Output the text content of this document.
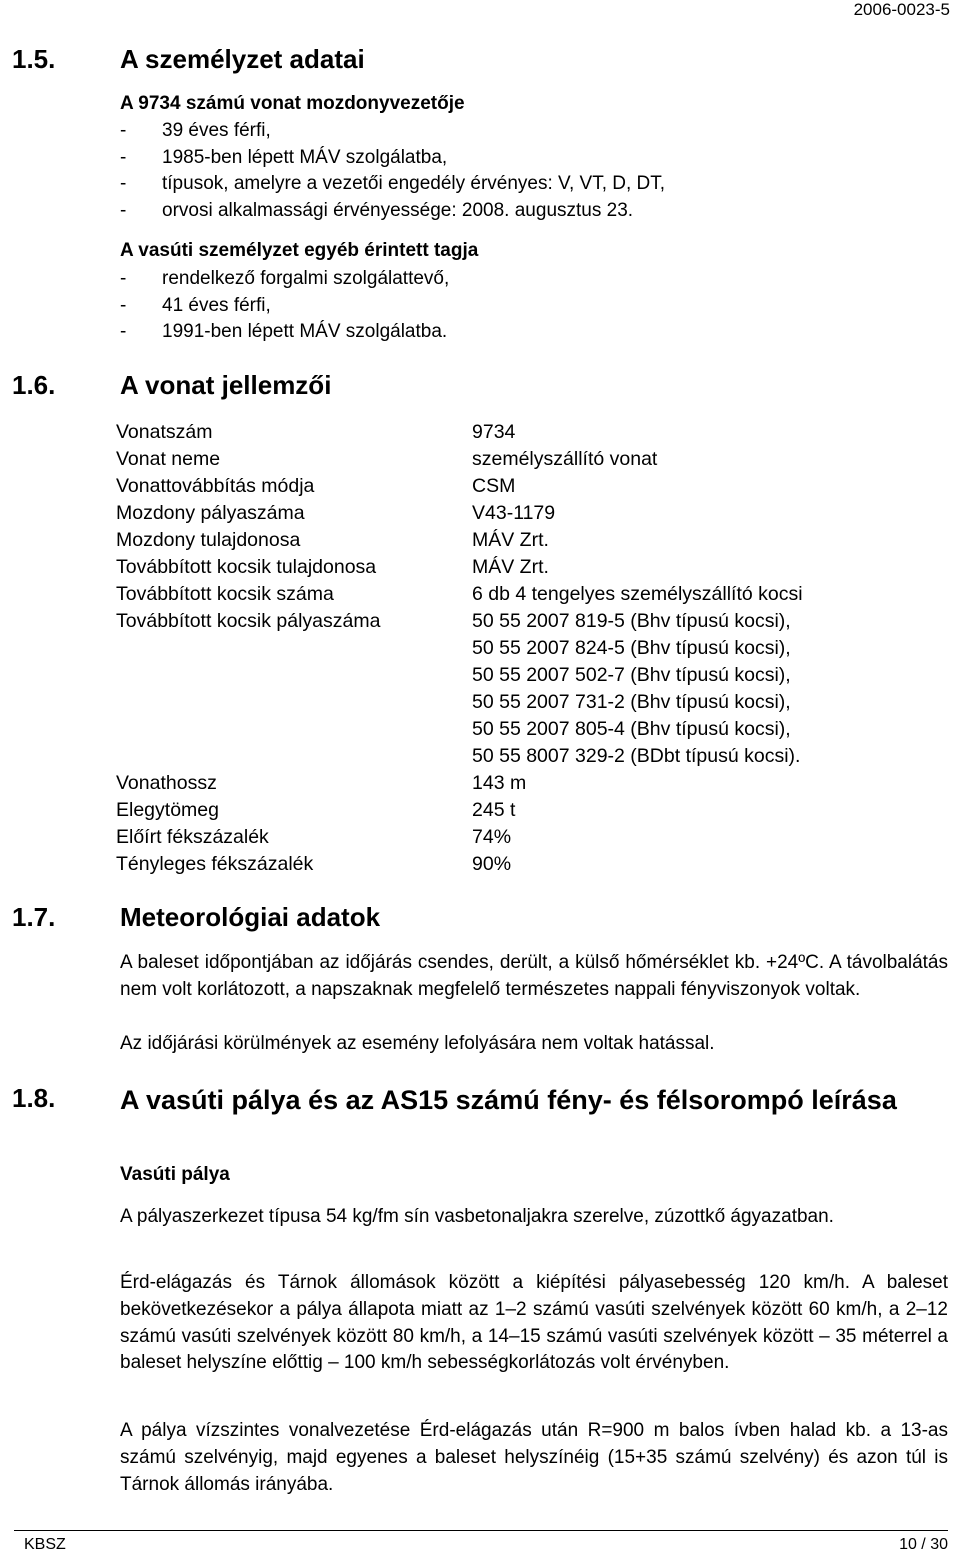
2006-0023-5
1.5. A személyzet adatai
A 9734 számú vonat mozdonyvezetője
- 39 éves férfi,
- 1985-ben lépett MÁV szolgálatba,
- típusok, amelyre a vezetői engedély érvényes: V, VT, D, DT,
- orvosi alkalmassági érvényessége: 2008. augusztus 23.
A vasúti személyzet egyéb érintett tagja
- rendelkező forgalmi szolgálattevő,
- 41 éves férfi,
- 1991-ben lépett MÁV szolgálatba.
1.6. A vonat jellemzői
Vonatszám	9734
Vonat neme	személyszállító vonat
Vonattovábbítás módja	CSM
Mozdony pályaszáma	V43-1179
Mozdony tulajdonosa	MÁV Zrt.
Továbbított kocsik tulajdonosa	MÁV Zrt.
Továbbított kocsik száma	6 db 4 tengelyes személyszállító kocsi
Továbbított kocsik pályaszáma	50 55 2007 819-5 (Bhv típusú kocsi),
50 55 2007 824-5 (Bhv típusú kocsi),
50 55 2007 502-7 (Bhv típusú kocsi),
50 55 2007 731-2 (Bhv típusú kocsi),
50 55 2007 805-4 (Bhv típusú kocsi),
50 55 8007 329-2 (BDbt típusú kocsi).
Vonathossz	143 m
Elegytömeg	245 t
Előírt fékszázalék	74%
Tényleges fékszázalék	90%
1.7. Meteorológiai adatok

A baleset időpontjában az időjárás csendes, derült, a külső hőmérséklet kb. +24ºC. A távolbalátás nem volt korlátozott, a napszaknak megfelelő természetes nappali fényviszonyok voltak.

Az időjárási körülmények az esemény lefolyására nem voltak hatással.

1.8. A vasúti pálya és az AS15 számú fény- és félsorompó leírása
Vasúti pálya

A pályaszerkezet típusa 54 kg/fm sín vasbetonaljakra szerelve, zúzottkő ágyazatban.

Érd-elágazás és Tárnok állomások között a kiépítési pályasebesség 120 km/h. A baleset bekövetkezésekor a pálya állapota miatt az 1–2 számú vasúti szelvények között 60 km/h, a 2–12 számú vasúti szelvények között 80 km/h, a 14–15 számú vasúti szelvények között – 35 méterrel a baleset helyszíne előttig – 100 km/h sebességkorlátozás volt érvényben.

A pálya vízszintes vonalvezetése Érd-elágazás után R=900 m balos ívben halad kb. a 13-as számú szelvényig, majd egyenes a baleset helyszínéig (15+35 számú szelvény) és azon túl is Tárnok állomás irányába.

KBSZ	10 / 30
